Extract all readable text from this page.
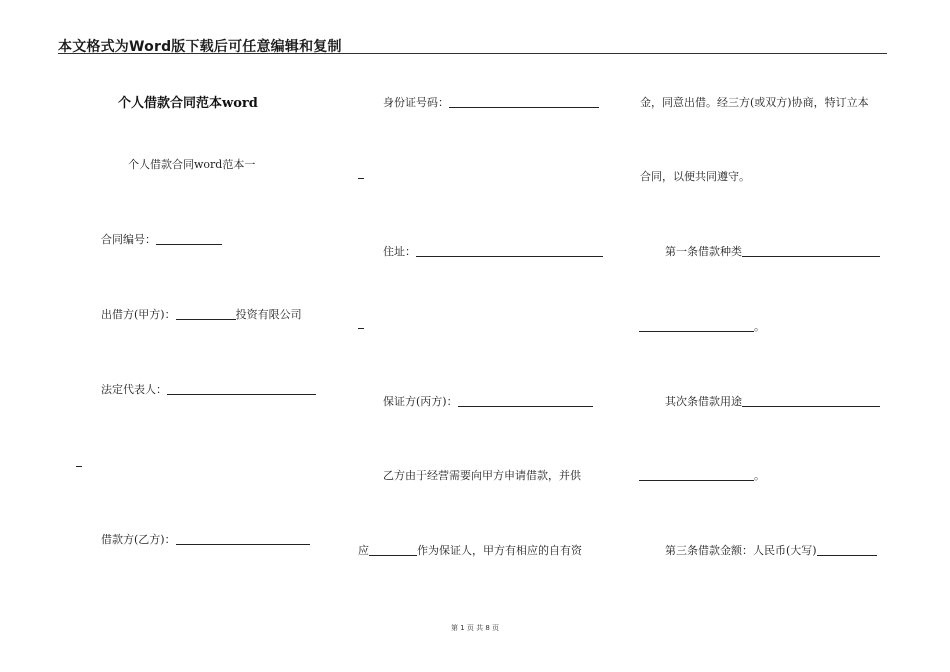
本文格式为Word版下载后可任意编辑和复制
个人借款合同范本word
个人借款合同word范本一
合同编号：
出借方(甲方)：	投资有限公司
法定代表人：
借款方(乙方)：
身份证号码：
住址：
保证方(丙方)：
乙方由于经营需要向甲方申请借款，并供
应	作为保证人，甲方有相应的自有资
金，同意出借。经三方(或双方)协商，特订立本
合同，以便共同遵守。
第一条借款种类
。
其次条借款用途
。
第三条借款金额：人民币(大写)
第 1 页 共 8 页
